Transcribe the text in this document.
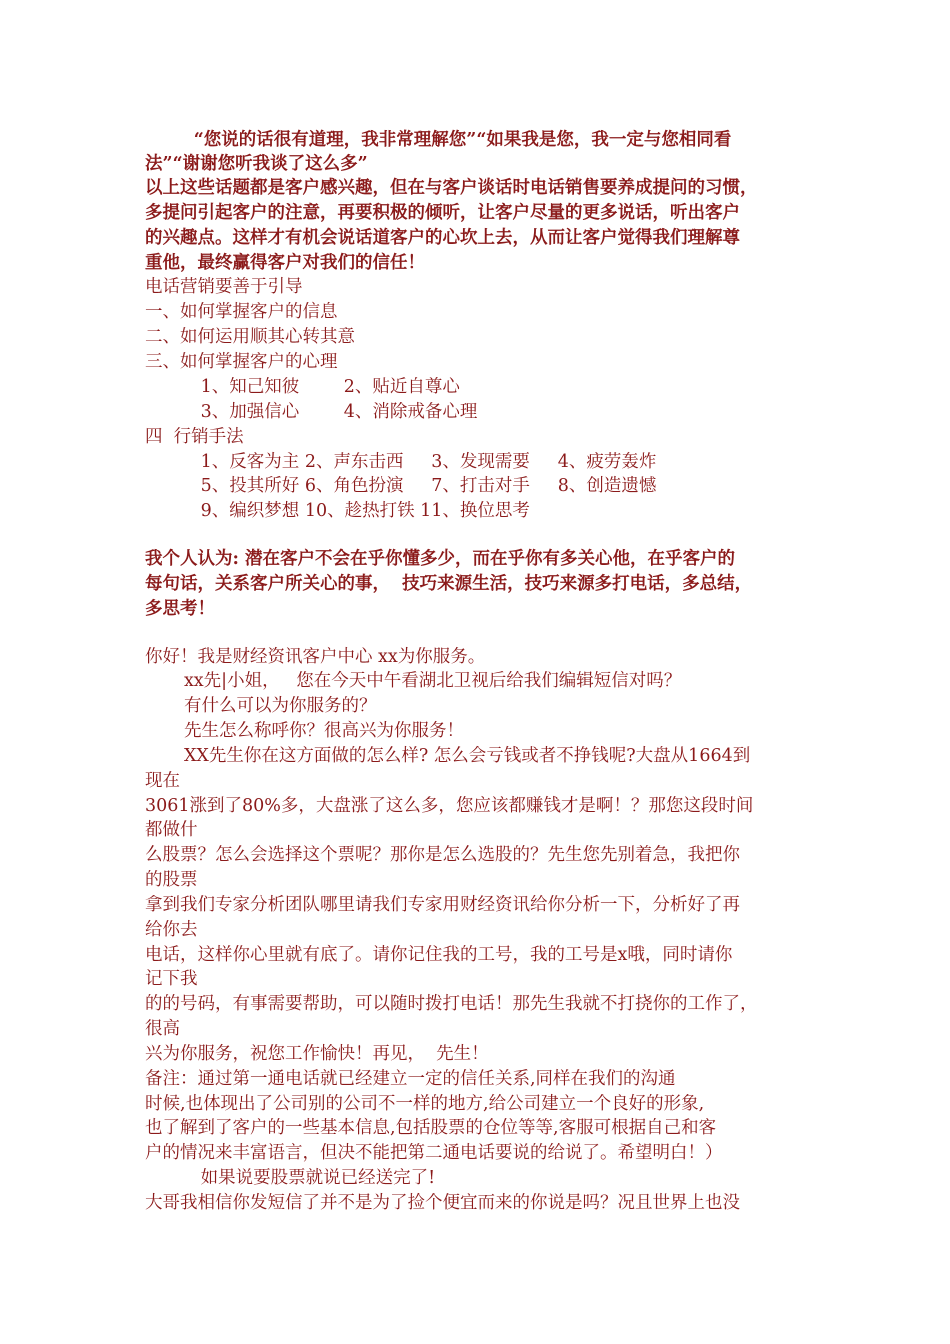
“您说的话很有道理，我非常理解您”“如果我是您，我一定与您相同看
法”“谢谢您听我谈了这么多”
以上这些话题都是客户感兴趣，但在与客户谈话时电话销售要养成提问的习惯，
多提问引起客户的注意，再要积极的倾听，让客户尽量的更多说话，听出客户
的兴趣点。这样才有机会说话道客户的心坎上去，从而让客户觉得我们理解尊
重他，最终赢得客户对我们的信任！
电话营销要善于引导
一、如何掌握客户的信息
二、如何运用顺其心转其意
三、如何掌握客户的心理
1、知己知彼        2、贴近自尊心
3、加强信心        4、消除戒备心理
四  行销手法
1、反客为主 2、声东击西     3、发现需要     4、疲劳轰炸
5、投其所好 6、角色扮演     7、打击对手     8、创造遗憾
9、编织梦想 10、趁热打铁 11、换位思考
我个人认为: 潜在客户不会在乎你懂多少，而在乎你有多关心他，在乎客户的
每句话，关系客户所关心的事，  技巧来源生活，技巧来源多打电话，多总结，
多思考！
你好！我是财经资讯客户中心 xx为你服务。
xx先|小姐，   您在今天中午看湖北卫视后给我们编辑短信对吗？
有什么可以为你服务的？
先生怎么称呼你？很高兴为你服务！
XX先生你在这方面做的怎么样? 怎么会亏钱或者不挣钱呢?大盘从1664到
现在
3061涨到了80%多，大盘涨了这么多，您应该都赚钱才是啊！？那您这段时间
都做什
么股票？怎么会选择这个票呢？那你是怎么选股的？先生您先别着急，我把你
的股票
拿到我们专家分析团队哪里请我们专家用财经资讯给你分析一下，分析好了再
给你去
电话，这样你心里就有底了。请你记住我的工号，我的工号是x哦，同时请你
记下我
的的号码，有事需要帮助，可以随时拨打电话！那先生我就不打挠你的工作了，
很高
兴为你服务，祝您工作愉快！再见，  先生！
备注：通过第一通电话就已经建立一定的信任关系,同样在我们的沟通
时候,也体现出了公司别的公司不一样的地方,给公司建立一个良好的形象,
也了解到了客户的一些基本信息,包括股票的仓位等等,客服可根据自己和客
户的情况来丰富语言，但决不能把第二通电话要说的给说了。希望明白！）
如果说要股票就说已经送完了!
大哥我相信你发短信了并不是为了捡个便宜而来的你说是吗？况且世界上也没
